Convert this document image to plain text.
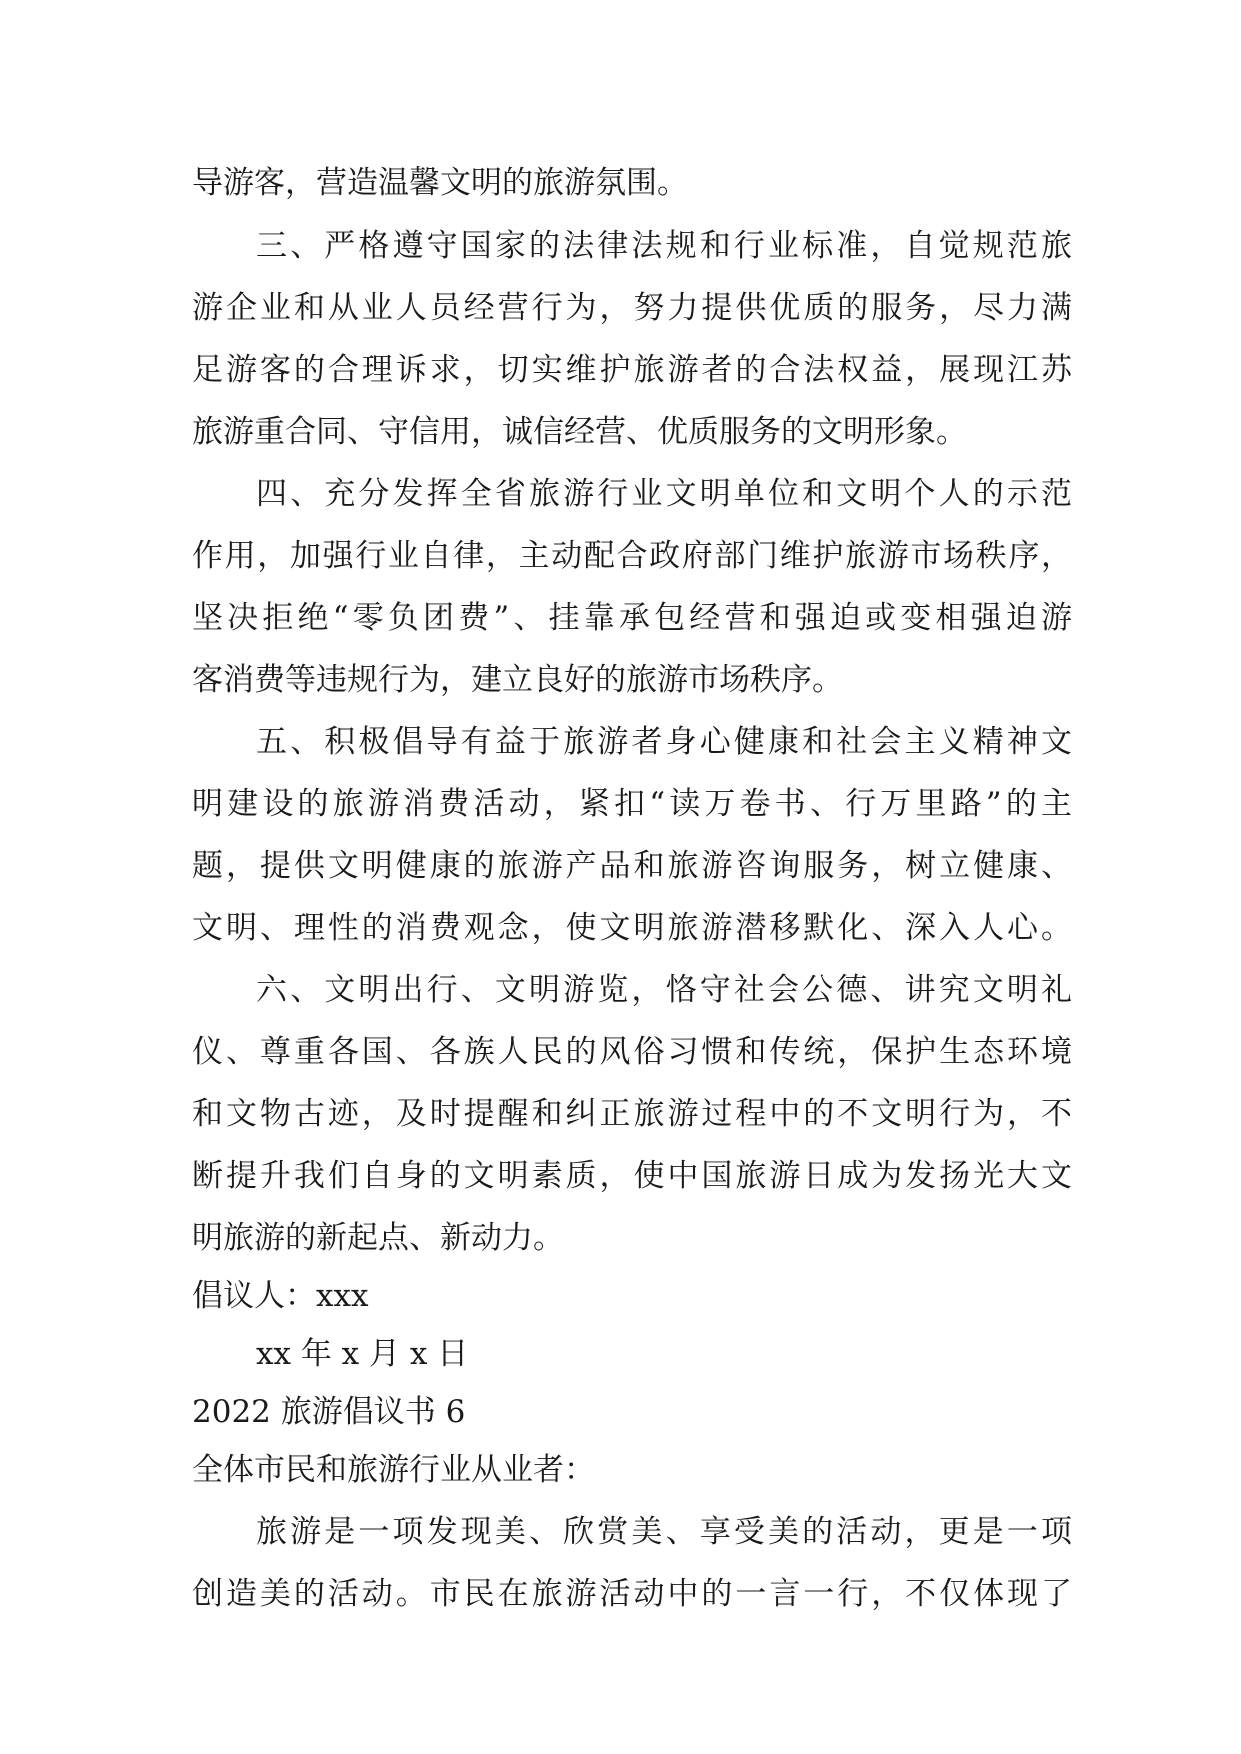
导游客，营造温馨文明的旅游氛围。
三、严格遵守国家的法律法规和行业标准，自觉规范旅
游企业和从业人员经营行为，努力提供优质的服务，尽力满
足游客的合理诉求，切实维护旅游者的合法权益，展现江苏
旅游重合同、守信用，诚信经营、优质服务的文明形象。
四、充分发挥全省旅游行业文明单位和文明个人的示范
作用，加强行业自律，主动配合政府部门维护旅游市场秩序，
坚决拒绝“零负团费”、挂靠承包经营和强迫或变相强迫游
客消费等违规行为，建立良好的旅游市场秩序。
五、积极倡导有益于旅游者身心健康和社会主义精神文
明建设的旅游消费活动，紧扣“读万卷书、行万里路”的主
题，提供文明健康的旅游产品和旅游咨询服务，树立健康、
文明、理性的消费观念，使文明旅游潜移默化、深入人心。
六、文明出行、文明游览，恪守社会公德、讲究文明礼
仪、尊重各国、各族人民的风俗习惯和传统，保护生态环境
和文物古迹，及时提醒和纠正旅游过程中的不文明行为，不
断提升我们自身的文明素质，使中国旅游日成为发扬光大文
明旅游的新起点、新动力。
倡议人：xxx
xx 年 x 月 x 日
2022 旅游倡议书 6
全体市民和旅游行业从业者：
旅游是一项发现美、欣赏美、享受美的活动，更是一项
创造美的活动。市民在旅游活动中的一言一行，不仅体现了
